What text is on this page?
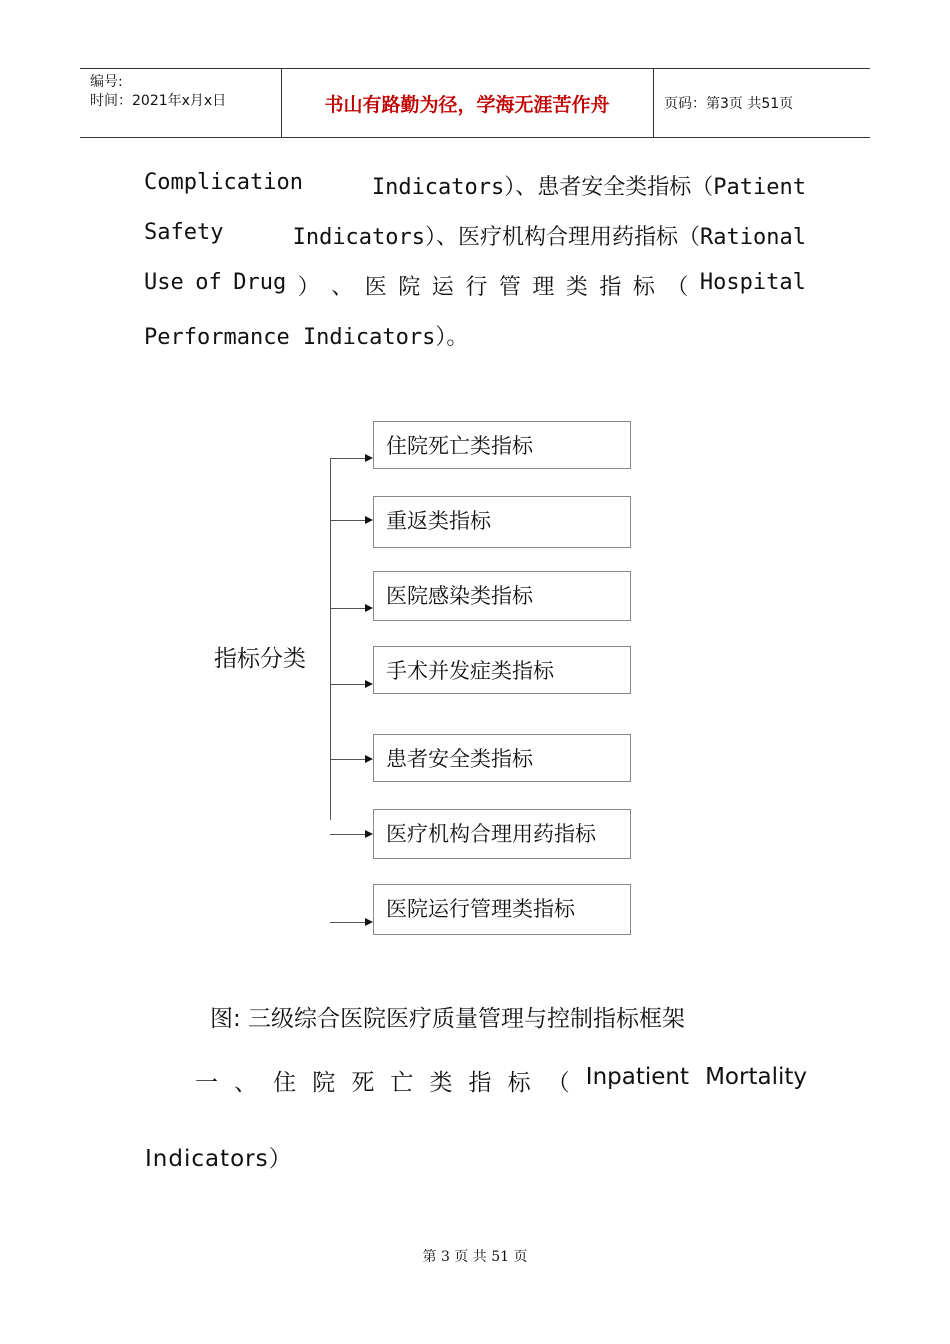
编号:
时间：2021年x月x日	书山有路勤为径，学海无涯苦作舟	页码：第3页 共51页
Complication	Indicators）、患者安全类指标（Patient
Safety	Indicators）、医疗机构合理用药指标（Rational
Use of Drug ） 、 医 院 运 行 管 理 类 指 标 （ Hospital
Performance Indicators）。
指标分类
住院死亡类指标
重返类指标
医院感染类指标
手术并发症类指标
患者安全类指标
医疗机构合理用药指标
医院运行管理类指标
图: 三级综合医院医疗质量管理与控制指标框架
一 、 住 院 死 亡 类 指 标 （ Inpatient Mortality
Indicators）
第 3 页 共 51 页
